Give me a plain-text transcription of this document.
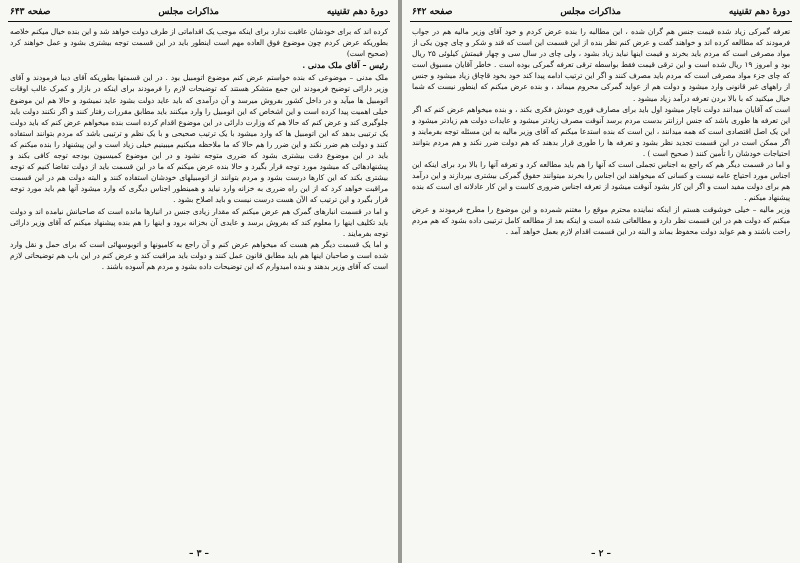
دورهٔ دهم تقنینیه
مذاکرات مجلس
صفحه ۶۴۳

کرده اند که برای خودشان عاقبت ندارد برای اینکه موجب یک اقداماتی از طرف دولت خواهد شد و این بنده خیال میکنم خلاصه بطوریکه عرض کردم چون موضوع فوق العاده مهم است اینطور باید در این قسمت توجه بیشتری بشود و عمل خواهند کرد (صحیح است)

رئیس – آقای ملک مدنی .

ملک مدنی – موضوعی که بنده خواستم عرض کنم موضوع اتومبیل بود . در این قسمتها بطوریکه آقای دیبا فرمودند و آقای وزیر دارائی توضیح فرمودند این جمع متشکر هستند که توضیحات لازم را فرمودند برای اینکه در بازار و کمرک غالب اوقات اتومبیل ها میآید و در داخل کشور بفروش میرسد و آن درآمدی که باید عاید دولت بشود عاید نمیشود و حالا هم این موضوع خیلی اهمیت پیدا کرده است و این اشخاص که این اتومبیل را وارد میکنند باید مطابق مقررات رفتار کنند و اگر نکنند دولت باید جلوگیری کند و عرض کنم که حالا هم که وزارت دارائی در این موضوع اقدام کرده است بنده میخواهم عرض کنم که باید دولت یک ترتیبی بدهد که این اتومبیل ها که وارد میشود با یک ترتیب صحیحی و با یک نظم و ترتیبی باشد که مردم بتوانند استفاده کنند و دولت هم ضرر نکند و این ضرر را هم حالا که ما ملاحظه میکنیم میبینیم خیلی زیاد است و این پیشنهاد را بنده میکنم که باید در این موضوع دقت بیشتری بشود که ضرری متوجه نشود و در این موضوع کمیسیون بودجه توجه کافی بکند و پیشنهادهائی که میشود مورد توجه قرار بگیرد و حالا بنده عرض میکنم که ما در این قسمت باید از دولت تقاضا کنیم که توجه بیشتری بکند که این کارها درست بشود و مردم بتوانند از اتومبیلهای خودشان استفاده کنند و البته دولت هم در این قسمت مراقبت خواهد کرد که از این راه ضرری به خزانه وارد نیاید و همینطور اجناس دیگری که وارد میشود آنها هم باید مورد توجه قرار بگیرد و این ترتیب که الآن هست درست نیست و باید اصلاح بشود .

و اما در قسمت انبارهای گمرک هم عرض میکنم که مقدار زیادی جنس در انبارها مانده است که صاحبانش نیامده اند و دولت باید تکلیف اینها را معلوم کند که بفروش برسد و عایدی آن بخزانه برود و اینها را هم بنده پیشنهاد میکنم که آقای وزیر دارائی توجه بفرمایند .

و اما یک قسمت دیگر هم هست که میخواهم عرض کنم و آن راجع به کامیونها و اتوبوسهائی است که برای حمل و نقل وارد شده است و صاحبان اینها هم باید مطابق قانون عمل کنند و دولت باید مراقبت کند و عرض کنم در این باب هم توضیحاتی لازم است که آقای وزیر بدهند و بنده امیدوارم که این توضیحات داده بشود و مردم هم آسوده باشند .

– ۳ –
دورهٔ دهم تقنینیه
مذاکرات مجلس
صفحه ۶۴۲

تعرفه گمرکی زیاد شده قیمت جنس هم گران شده ، این مطالبه را بنده عرض کردم و خود آقای وزیر مالیه هم در جواب فرمودند که مطالعه کرده اند و خواهند گفت و عرض کنم نظر بنده از این قسمت این است که قند و شکر و چای چون یکی از مواد مصرفی است که مردم باید بخرند و قیمت اینها نباید زیاد بشود ، ولی چای در سال سی و چهار قیمتش کیلوئی ۲۵ ریال بود و امروز ۱۹ ریال شده است و این ترقی قیمت فقط بواسطه ترقی تعرفه گمرکی بوده است . خاطر آقایان مسبوق است که چای جزء مواد مصرفی است که مردم باید مصرف کنند و اگر این ترتیب ادامه پیدا کند خود بخود قاچاق زیاد میشود و جنس از راههای غیر قانونی وارد میشود و دولت هم از عواید گمرکی محروم میماند ، و بنده عرض میکنم که اینطور نیست که شما خیال میکنید که با بالا بردن تعرفه درآمد زیاد میشود .

است که آقایان میدانند دولت ناچار میشود اول باید برای مصارف فوری خودش فکری بکند ، و بنده میخواهم عرض کنم که اگر این تعرفه ها طوری باشد که جنس ارزانتر بدست مردم برسد آنوقت مصرف زیادتر میشود و عایدات دولت هم زیادتر میشود و این یک اصل اقتصادی است که همه میدانند ، این است که بنده استدعا میکنم که آقای وزیر مالیه به این مسئله توجه بفرمایند و اگر ممکن است در این قسمت تجدید نظر بشود و تعرفه ها را طوری قرار بدهند که هم دولت ضرر نکند و هم مردم بتوانند احتیاجات خودشان را تأمین کنند ( صحیح است ) .

و اما در قسمت دیگر هم که راجع به اجناس تجملی است که آنها را هم باید مطالعه کرد و تعرفه آنها را بالا برد برای اینکه این اجناس مورد احتیاج عامه نیست و کسانی که میخواهند این اجناس را بخرند میتوانند حقوق گمرکی بیشتری بپردازند و این درآمد هم برای دولت مفید است و اگر این کار بشود آنوقت میشود از تعرفه اجناس ضروری کاست و این کار عادلانه ای است که بنده پیشنهاد میکنم .

وزیر مالیه – خیلی خوشوقت هستم از اینکه نماینده محترم موقع را مغتنم شمرده و این موضوع را مطرح فرمودند و عرض میکنم که دولت هم در این قسمت نظر دارد و مطالعاتی شده است و اینکه بعد از مطالعه کامل ترتیبی داده بشود که هم مردم راحت باشند و هم عواید دولت محفوظ بماند و البته در این قسمت اقدام لازم بعمل خواهد آمد .

– ۲ –
